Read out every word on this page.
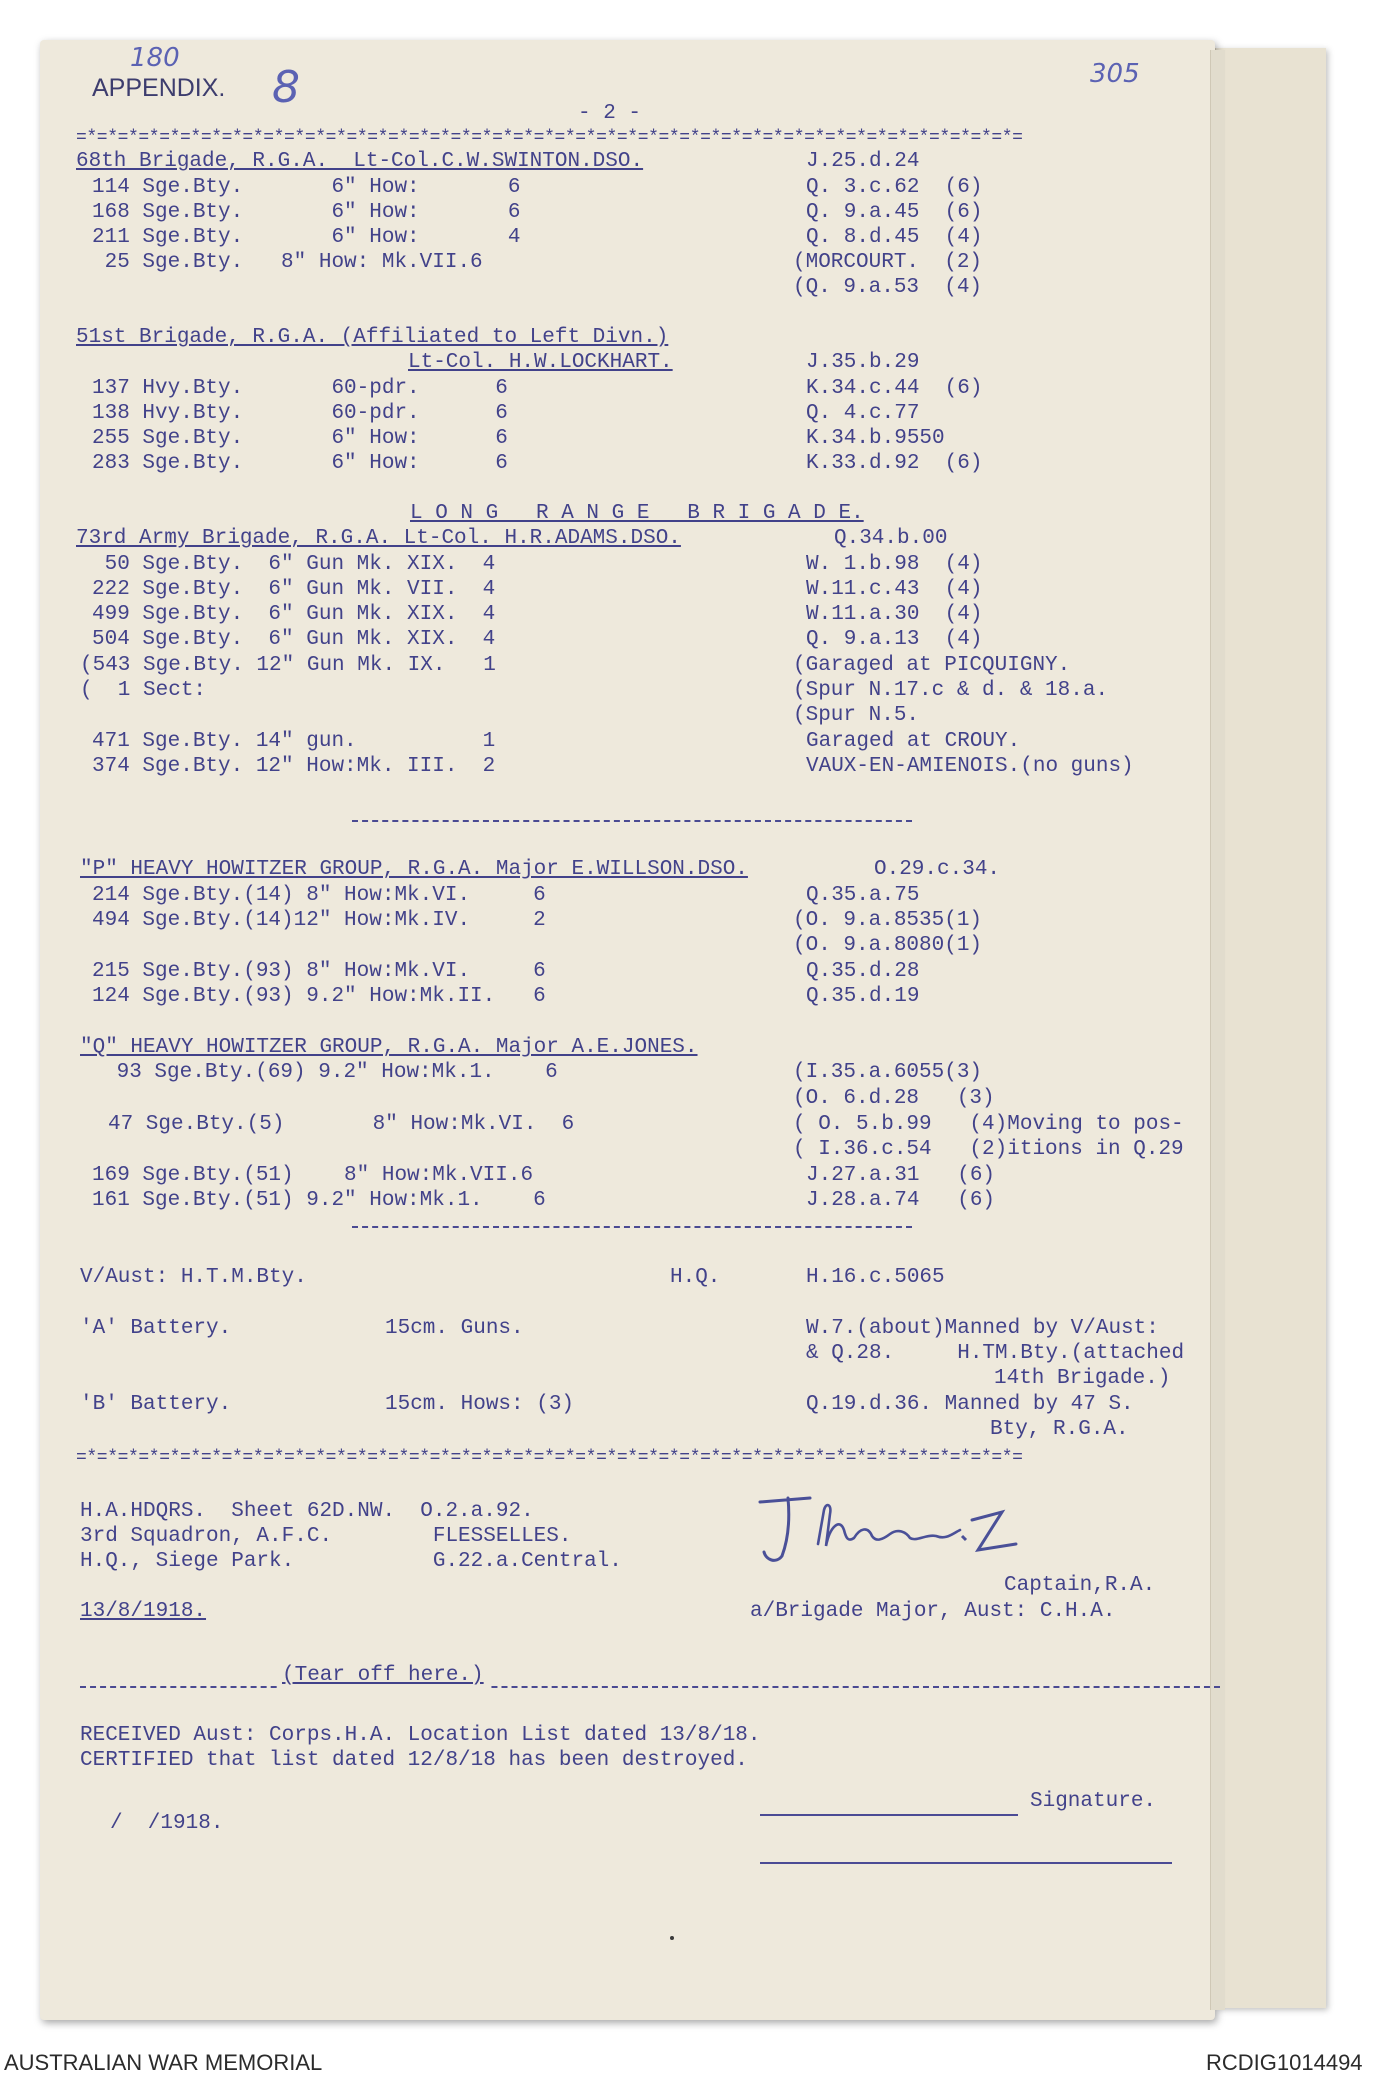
180
APPENDIX. 8
- 2 -
305
=*=*=*=*=*=*=*=*=*=*=*=*=*=*=*=*=*=*=*=*=*=*=*=*=*=*=*=*=*=*=*=*=*=*=*=*=*=*=*=*=*=*=*=*=*=
68th Brigade, R.G.A.  Lt-Col.C.W.SWINTON.DSO.	J.25.d.24
114 Sge.Bty.       6" How:       6	Q. 3.c.62  (6)
168 Sge.Bty.       6" How:       6	Q. 9.a.45  (6)
211 Sge.Bty.       6" How:       4	Q. 8.d.45  (4)
25 Sge.Bty.   8" How: Mk.VII.6	(MORCOURT.  (2)
(Q. 9.a.53  (4)
51st Brigade, R.G.A. (Affiliated to Left Divn.)
Lt-Col. H.W.LOCKHART.	J.35.b.29
137 Hvy.Bty.       60-pdr.      6	K.34.c.44  (6)
138 Hvy.Bty.       60-pdr.      6	Q. 4.c.77
255 Sge.Bty.       6" How:      6	K.34.b.9550
283 Sge.Bty.       6" How:      6	K.33.d.92  (6)
L O N G   R A N G E   B R I G A D E.
73rd Army Brigade, R.G.A. Lt-Col. H.R.ADAMS.DSO.	Q.34.b.00
50 Sge.Bty.  6" Gun Mk. XIX.  4	W. 1.b.98  (4)
222 Sge.Bty.  6" Gun Mk. VII.  4	W.11.c.43  (4)
499 Sge.Bty.  6" Gun Mk. XIX.  4	W.11.a.30  (4)
504 Sge.Bty.  6" Gun Mk. XIX.  4	Q. 9.a.13  (4)
(543 Sge.Bty. 12" Gun Mk. IX.   1	(Garaged at PICQUIGNY.
(  1 Sect:	(Spur N.17.c & d. & 18.a.
(Spur N.5.
471 Sge.Bty. 14" gun.          1	Garaged at CROUY.
374 Sge.Bty. 12" How:Mk. III.  2	VAUX-EN-AMIENOIS.(no guns)
"P" HEAVY HOWITZER GROUP, R.G.A. Major E.WILLSON.DSO.	O.29.c.34.
214 Sge.Bty.(14) 8" How:Mk.VI.     6	Q.35.a.75
494 Sge.Bty.(14)12" How:Mk.IV.     2	(O. 9.a.8535(1)
(O. 9.a.8080(1)
215 Sge.Bty.(93) 8" How:Mk.VI.     6	Q.35.d.28
124 Sge.Bty.(93) 9.2" How:Mk.II.   6	Q.35.d.19
"Q" HEAVY HOWITZER GROUP, R.G.A. Major A.E.JONES.
93 Sge.Bty.(69) 9.2" How:Mk.1.    6	(I.35.a.6055(3)
(O. 6.d.28   (3)
47 Sge.Bty.(5)       8" How:Mk.VI.  6	( O. 5.b.99   (4)Moving to pos-
( I.36.c.54   (2)itions in Q.29
169 Sge.Bty.(51)    8" How:Mk.VII.6	J.27.a.31   (6)
161 Sge.Bty.(51) 9.2" How:Mk.1.    6	J.28.a.74   (6)
V/Aust: H.T.M.Bty.	H.Q.	H.16.c.5065
'A' Battery.	15cm. Guns.	W.7.(about)Manned by V/Aust:
& Q.28.     H.TM.Bty.(attached
14th Brigade.)
'B' Battery.	15cm. Hows: (3)	Q.19.d.36. Manned by 47 S.
Bty, R.G.A.
=*=*=*=*=*=*=*=*=*=*=*=*=*=*=*=*=*=*=*=*=*=*=*=*=*=*=*=*=*=*=*=*=*=*=*=*=*=*=*=*=*=*=*=*=*=
H.A.HDQRS.  Sheet 62D.NW.  O.2.a.92.
3rd Squadron, A.F.C.        FLESSELLES.
H.Q., Siege Park.           G.22.a.Central.
Captain,R.A.
13/8/1918.	a/Brigade Major, Aust: C.H.A.
(Tear off here.)
RECEIVED Aust: Corps.H.A. Location List dated 13/8/18.
CERTIFIED that list dated 12/8/18 has been destroyed.
/  /1918.
Signature.
AUSTRALIAN WAR MEMORIAL	RCDIG1014494
